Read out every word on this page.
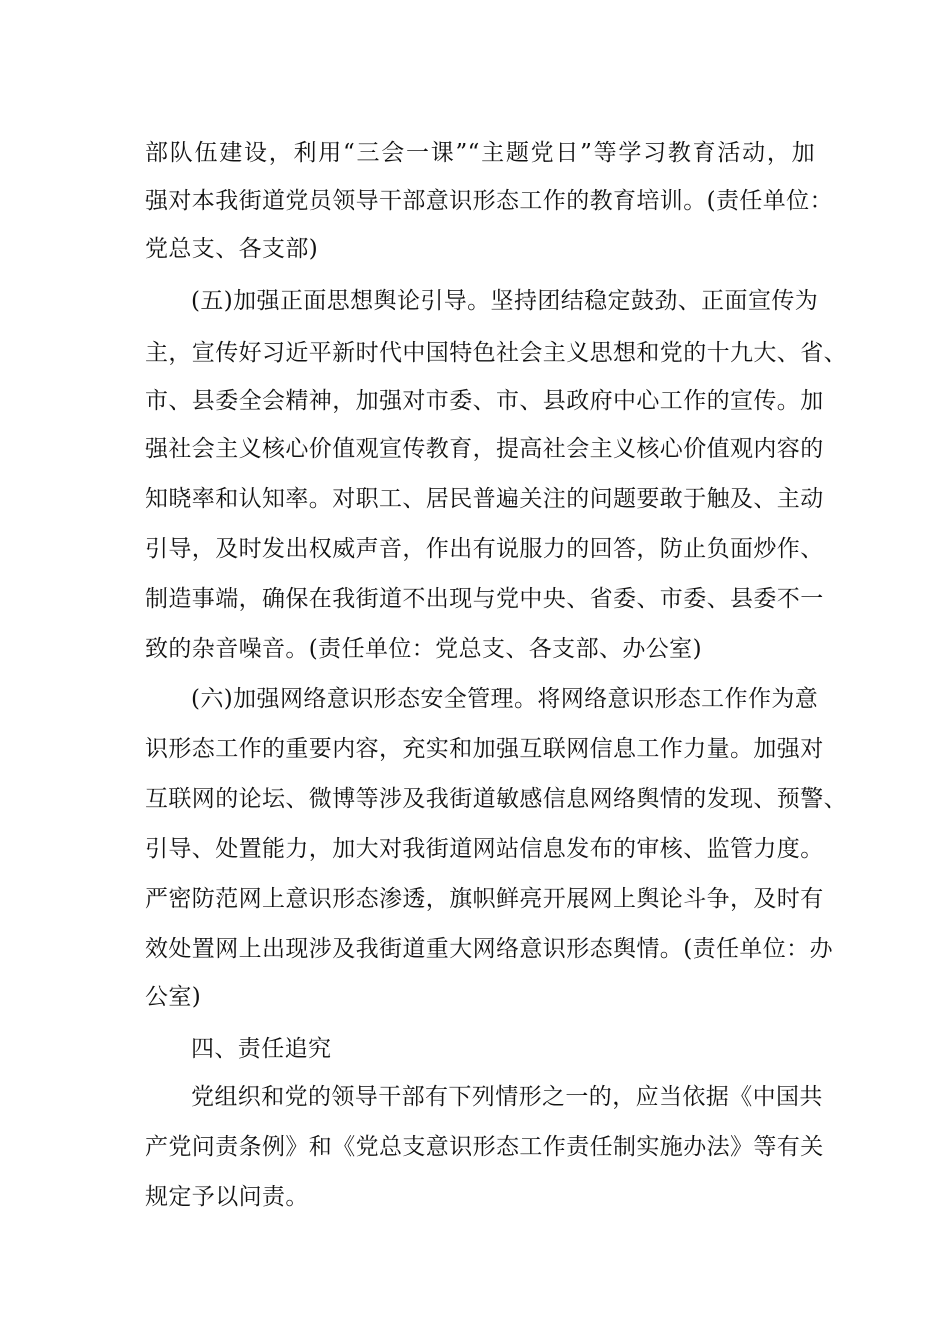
部队伍建设，利用“三会一课”“主题党日”等学习教育活动，加
强对本我街道党员领导干部意识形态工作的教育培训。(责任单位：
党总支、各支部)
(五)加强正面思想舆论引导。坚持团结稳定鼓劲、正面宣传为
主，宣传好习近平新时代中国特色社会主义思想和党的十九大、省、
市、县委全会精神，加强对市委、市、县政府中心工作的宣传。加
强社会主义核心价值观宣传教育，提高社会主义核心价值观内容的
知晓率和认知率。对职工、居民普遍关注的问题要敢于触及、主动
引导，及时发出权威声音，作出有说服力的回答，防止负面炒作、
制造事端，确保在我街道不出现与党中央、省委、市委、县委不一
致的杂音噪音。(责任单位：党总支、各支部、办公室)
(六)加强网络意识形态安全管理。将网络意识形态工作作为意
识形态工作的重要内容，充实和加强互联网信息工作力量。加强对
互联网的论坛、微博等涉及我街道敏感信息网络舆情的发现、预警、
引导、处置能力，加大对我街道网站信息发布的审核、监管力度。
严密防范网上意识形态渗透，旗帜鲜亮开展网上舆论斗争，及时有
效处置网上出现涉及我街道重大网络意识形态舆情。(责任单位：办
公室)
四、责任追究
党组织和党的领导干部有下列情形之一的，应当依据《中国共
产党问责条例》和《党总支意识形态工作责任制实施办法》等有关
规定予以问责。
